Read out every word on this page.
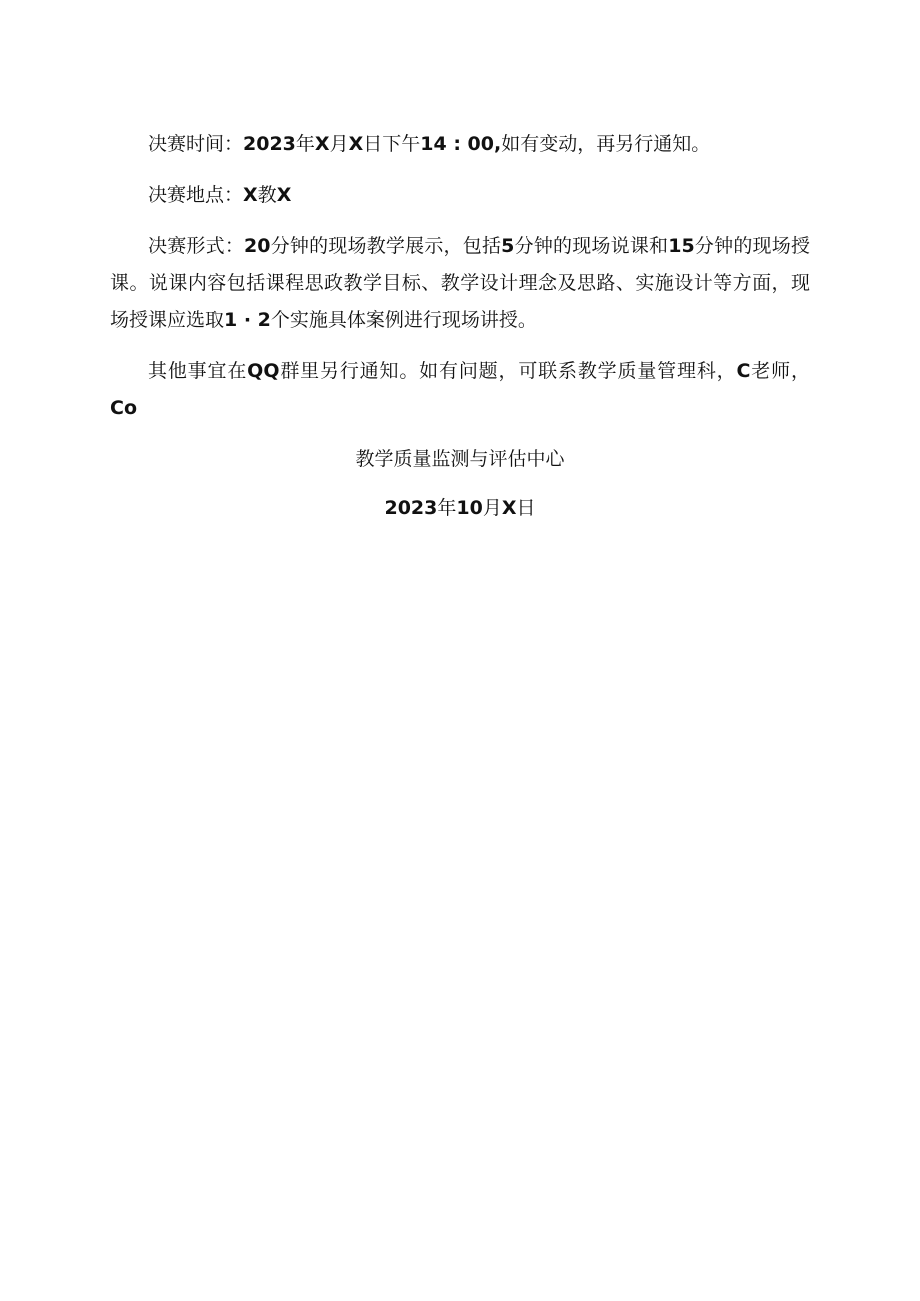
决赛时间：2023年X月X日下午14 : 00,如有变动，再另行通知。

决赛地点：X教X

决赛形式：20分钟的现场教学展示，包括5分钟的现场说课和15分钟的现场授课。说课内容包括课程思政教学目标、教学设计理念及思路、实施设计等方面，现场授课应选取1 · 2个实施具体案例进行现场讲授。

其他事宜在QQ群里另行通知。如有问题，可联系教学质量管理科，C老师，Co

教学质量监测与评估中心

2023年10月X日
